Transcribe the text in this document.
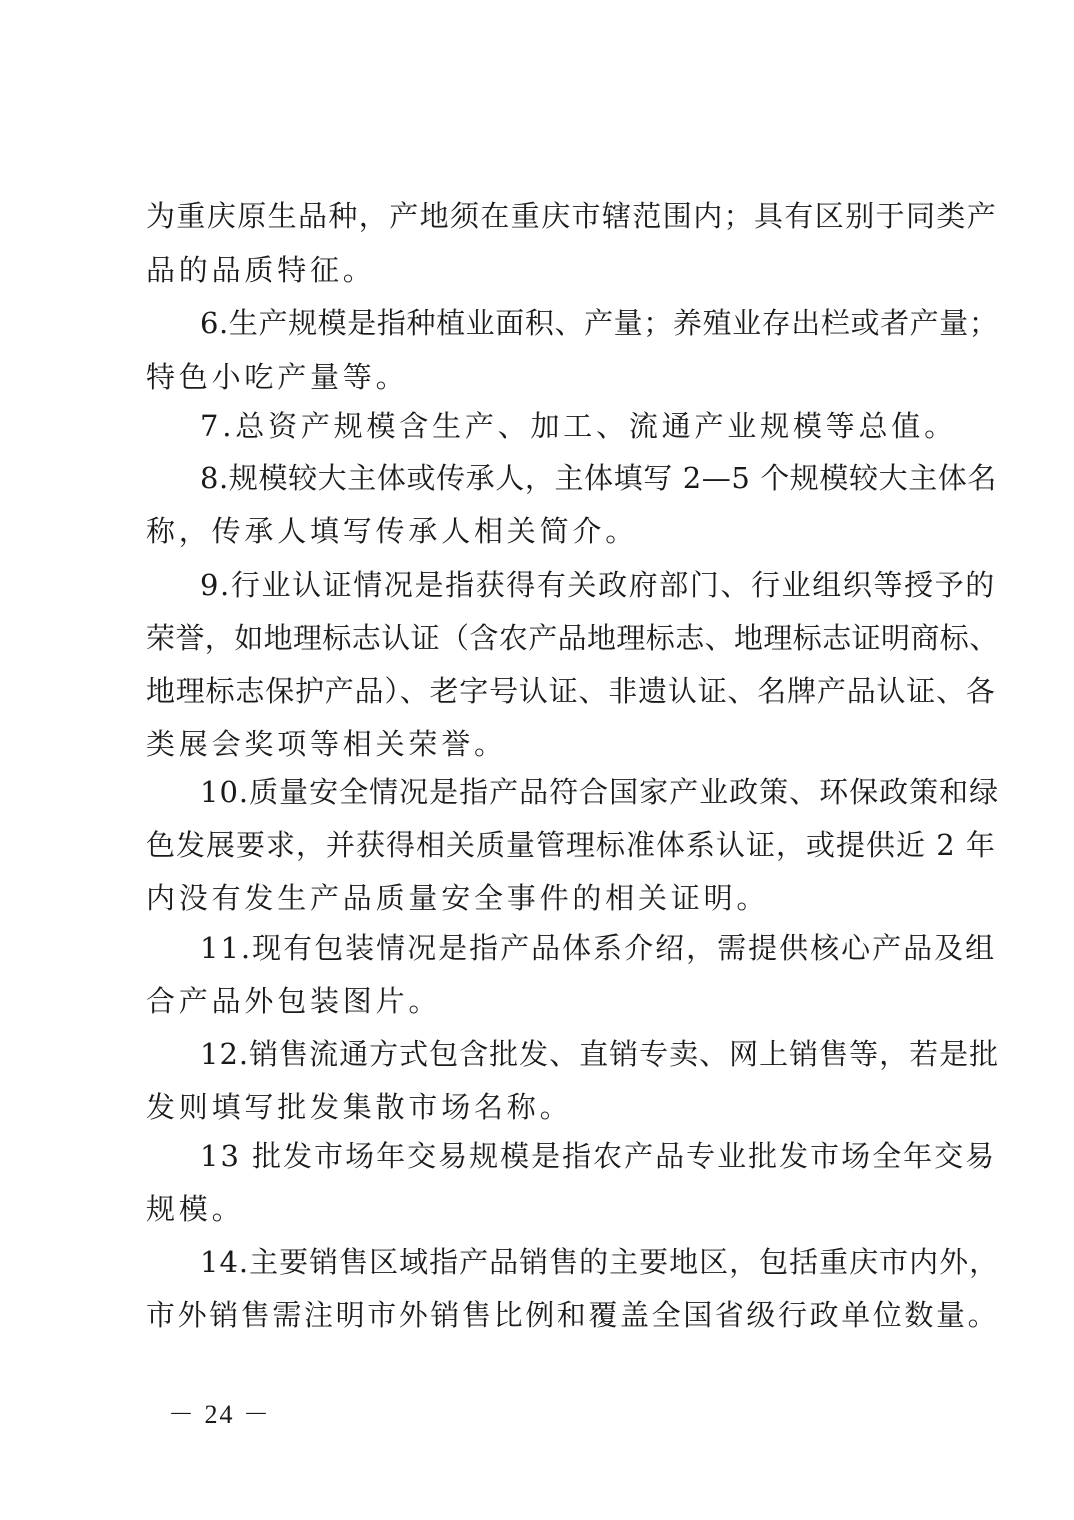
为重庆原生品种，产地须在重庆市辖范围内；具有区别于同类产
品的品质特征。
6.生产规模是指种植业面积、产量；养殖业存出栏或者产量；
特色小吃产量等。
7.总资产规模含生产、加工、流通产业规模等总值。
8.规模较大主体或传承人，主体填写 2—5 个规模较大主体名
称，传承人填写传承人相关简介。
9.行业认证情况是指获得有关政府部门、行业组织等授予的
荣誉，如地理标志认证（含农产品地理标志、地理标志证明商标、
地理标志保护产品）、老字号认证、非遗认证、名牌产品认证、各
类展会奖项等相关荣誉。
10.质量安全情况是指产品符合国家产业政策、环保政策和绿
色发展要求，并获得相关质量管理标准体系认证，或提供近 2 年
内没有发生产品质量安全事件的相关证明。
11.现有包装情况是指产品体系介绍，需提供核心产品及组
合产品外包装图片。
12.销售流通方式包含批发、直销专卖、网上销售等，若是批
发则填写批发集散市场名称。
13 批发市场年交易规模是指农产品专业批发市场全年交易
规模。
14.主要销售区域指产品销售的主要地区，包括重庆市内外，
市外销售需注明市外销售比例和覆盖全国省级行政单位数量。
－ 24 －
